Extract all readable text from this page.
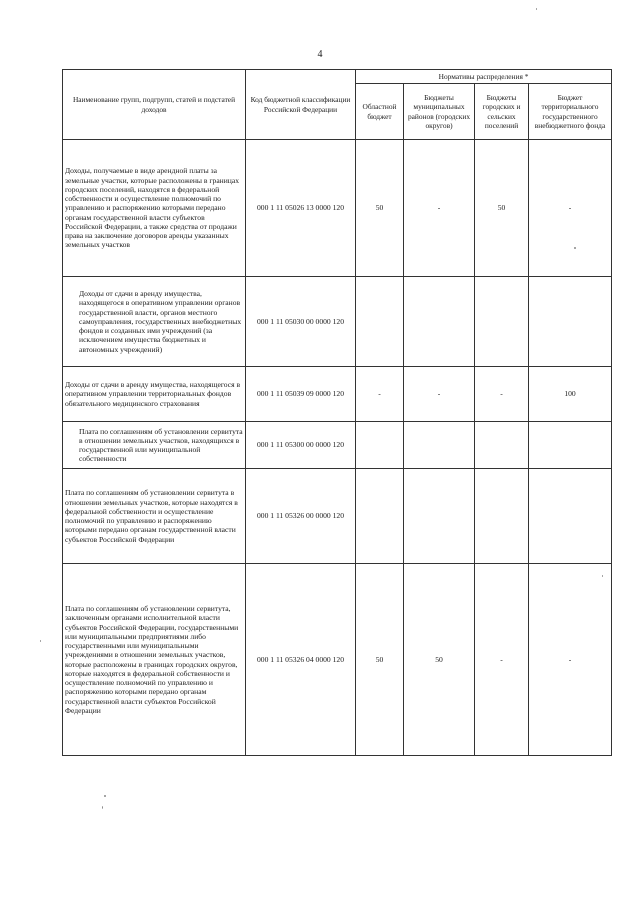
4
Наименование групп, подгрупп, статей и подстатей доходов	Код бюджетной классификации Российской Федерации	Нормативы распределения *			
		Областной бюджет	Бюджеты муниципальных районов (городских округов)	Бюджеты городских и сельских поселений	Бюджет территориального государственного внебюджетного фонда
Доходы, получаемые в виде арендной платы за земельные участки, которые расположены в границах городских поселений, находятся в федеральной собственности и осуществление полномочий по управлению и распоряжению которыми передано органам государственной власти субъектов Российской Федерации, а также средства от продажи права на заключение договоров аренды указанных земельных участков	000 1 11 05026 13 0000 120	50	-	50	-
Доходы от сдачи в аренду имущества, находящегося в оперативном управлении органов государственной власти, органов местного самоуправления, государственных внебюджетных фондов и созданных ими учреждений (за исключением имущества бюджетных и автономных учреждений)	000 1 11 05030 00 0000 120				
Доходы от сдачи в аренду имущества, находящегося в оперативном управлении территориальных фондов обязательного медицинского страхования	000 1 11 05039 09 0000 120	-	-	-	100
Плата по соглашениям об установлении сервитута в отношении земельных участков, находящихся в государственной или муниципальной собственности	000 1 11 05300 00 0000 120				
Плата по соглашениям об установлении сервитута в отношении земельных участков, которые находятся в федеральной собственности и осуществление полномочий по управлению и распоряжению которыми передано органам государственной власти субъектов Российской Федерации	000 1 11 05326 00 0000 120				
Плата по соглашениям об установлении сервитута, заключенным органами исполнительной власти субъектов Российской Федерации, государственными или муниципальными предприятиями либо государственными или муниципальными учреждениями в отношении земельных участков, которые расположены в границах городских округов, которые находятся в федеральной собственности и осуществление полномочий по управлению и распоряжению которыми передано органам государственной власти субъектов Российской Федерации	000 1 11 05326 04 0000 120	50	50	-	-
